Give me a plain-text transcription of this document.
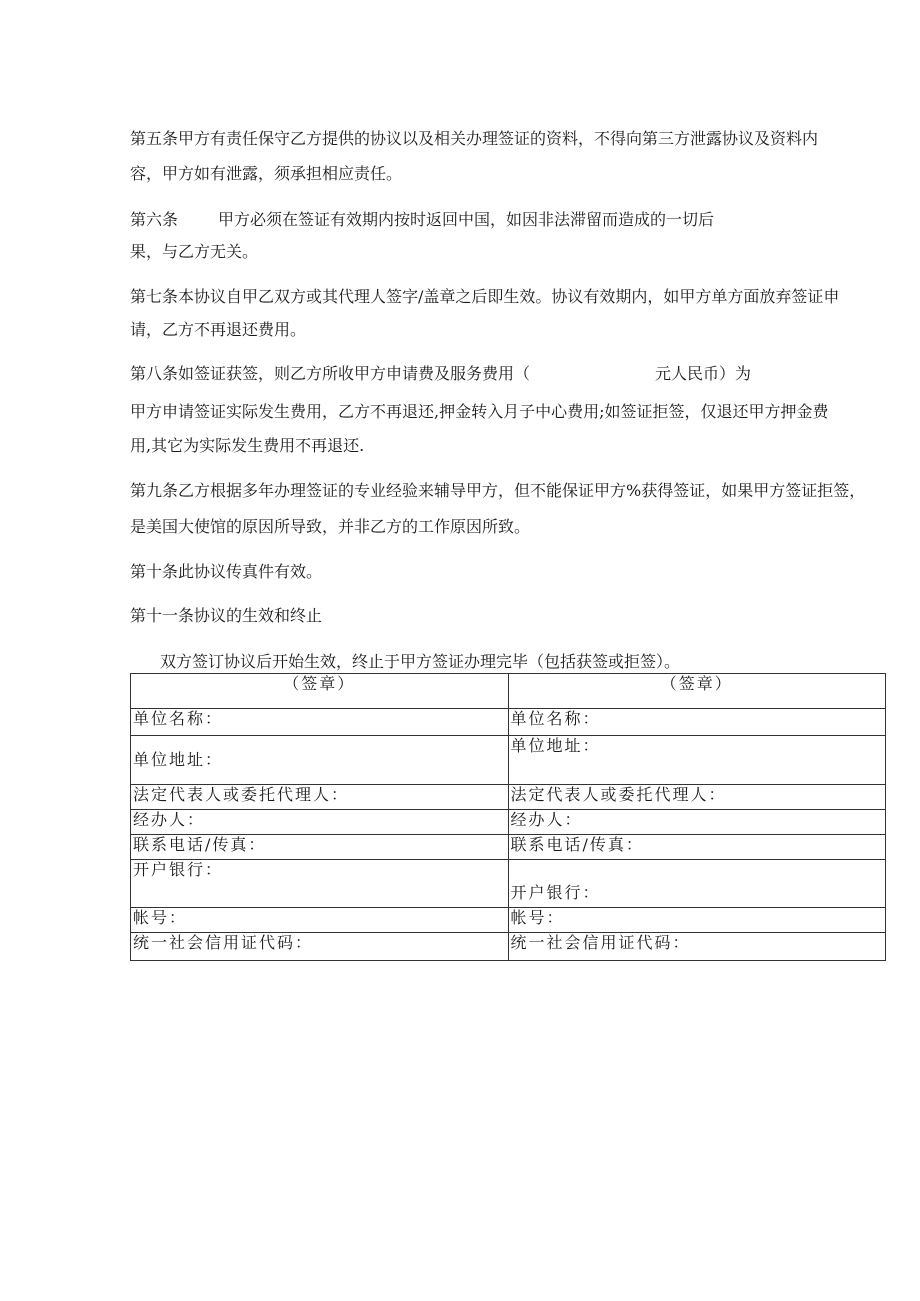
第五条甲方有责任保守乙方提供的协议以及相关办理签证的资料，不得向第三方泄露协议及资料内
容，甲方如有泄露，须承担相应责任。
第六条	甲方必须在签证有效期内按时返回中国，如因非法滞留而造成的一切后
果，与乙方无关。
第七条本协议自甲乙双方或其代理人签字/盖章之后即生效。协议有效期内，如甲方单方面放弃签证申
请，乙方不再退还费用。
第八条如签证获签，则乙方所收甲方申请费及服务费用（	元人民币）为
甲方申请签证实际发生费用，乙方不再退还,押金转入月子中心费用;如签证拒签，仅退还甲方押金费
用,其它为实际发生费用不再退还.
第九条乙方根据多年办理签证的专业经验来辅导甲方，但不能保证甲方%获得签证，如果甲方签证拒签，
是美国大使馆的原因所导致，并非乙方的工作原因所致。
第十条此协议传真件有效。
第十一条协议的生效和终止
双方签订协议后开始生效，终止于甲方签证办理完毕（包括获签或拒签）。
（签章）	（签章）
单位名称：	单位名称：
单位地址：	单位地址：
法定代表人或委托代理人：	法定代表人或委托代理人：
经办人：	经办人：
联系电话/传真：	联系电话/传真：
开户银行：	开户银行：
帐号：	帐号：
统一社会信用证代码：	统一社会信用证代码：
